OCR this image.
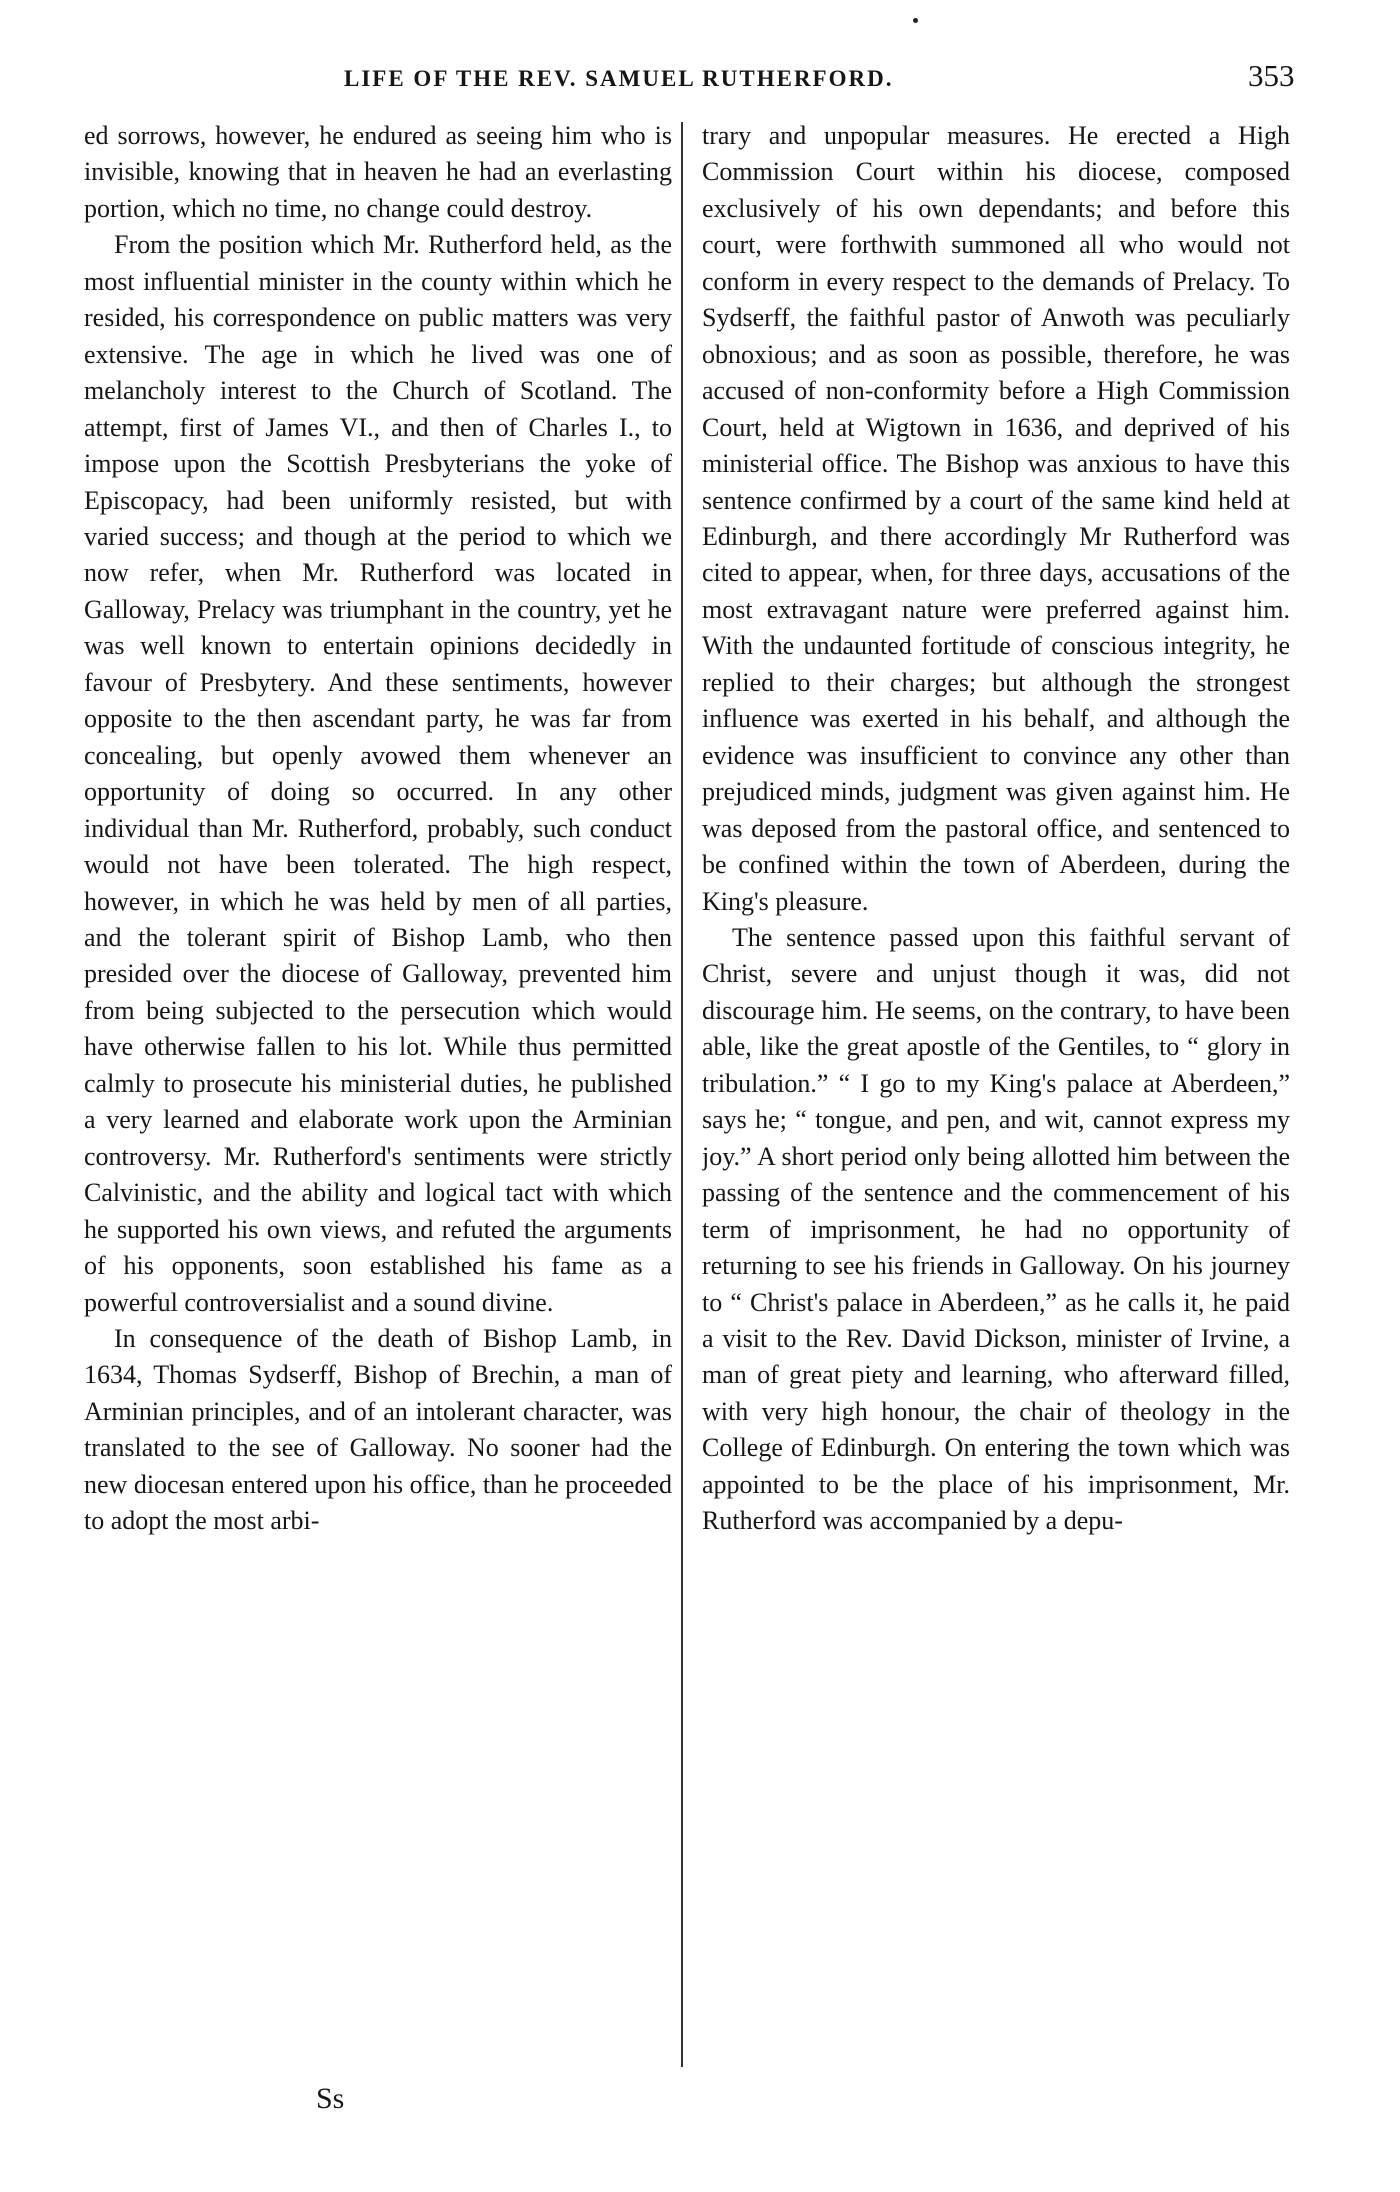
LIFE OF THE REV. SAMUEL RUTHERFORD.	353

ed sorrows, however, he endured as seeing him who is invisible, knowing that in heaven he had an everlasting portion, which no time, no change could destroy.

From the position which Mr. Rutherford held, as the most influential minister in the county within which he resided, his correspondence on public matters was very extensive. The age in which he lived was one of melancholy interest to the Church of Scotland. The attempt, first of James VI., and then of Charles I., to impose upon the Scottish Presbyterians the yoke of Episcopacy, had been uniformly resisted, but with varied success; and though at the period to which we now refer, when Mr. Rutherford was located in Galloway, Prelacy was triumphant in the country, yet he was well known to entertain opinions decidedly in favour of Presbytery. And these sentiments, however opposite to the then ascendant party, he was far from concealing, but openly avowed them whenever an opportunity of doing so occurred. In any other individual than Mr. Rutherford, probably, such conduct would not have been tolerated. The high respect, however, in which he was held by men of all parties, and the tolerant spirit of Bishop Lamb, who then presided over the diocese of Galloway, prevented him from being subjected to the persecution which would have otherwise fallen to his lot. While thus permitted calmly to prosecute his ministerial duties, he published a very learned and elaborate work upon the Arminian controversy. Mr. Rutherford's sentiments were strictly Calvinistic, and the ability and logical tact with which he supported his own views, and refuted the arguments of his opponents, soon established his fame as a powerful controversialist and a sound divine.

In consequence of the death of Bishop Lamb, in 1634, Thomas Sydserff, Bishop of Brechin, a man of Arminian principles, and of an intolerant character, was translated to the see of Galloway. No sooner had the new diocesan entered upon his office, than he proceeded to adopt the most arbi-

trary and unpopular measures. He erected a High Commission Court within his diocese, composed exclusively of his own dependants; and before this court, were forthwith summoned all who would not conform in every respect to the demands of Prelacy. To Sydserff, the faithful pastor of Anwoth was peculiarly obnoxious; and as soon as possible, therefore, he was accused of non-conformity before a High Commission Court, held at Wigtown in 1636, and deprived of his ministerial office. The Bishop was anxious to have this sentence confirmed by a court of the same kind held at Edinburgh, and there accordingly Mr Rutherford was cited to appear, when, for three days, accusations of the most extravagant nature were preferred against him. With the undaunted fortitude of conscious integrity, he replied to their charges; but although the strongest influence was exerted in his behalf, and although the evidence was insufficient to convince any other than prejudiced minds, judgment was given against him. He was deposed from the pastoral office, and sentenced to be confined within the town of Aberdeen, during the King's pleasure.

The sentence passed upon this faithful servant of Christ, severe and unjust though it was, did not discourage him. He seems, on the contrary, to have been able, like the great apostle of the Gentiles, to “ glory in tribulation.” “ I go to my King's palace at Aberdeen,” says he; “ tongue, and pen, and wit, cannot express my joy.” A short period only being allotted him between the passing of the sentence and the commencement of his term of imprisonment, he had no opportunity of returning to see his friends in Galloway. On his journey to “ Christ's palace in Aberdeen,” as he calls it, he paid a visit to the Rev. David Dickson, minister of Irvine, a man of great piety and learning, who afterward filled, with very high honour, the chair of theology in the College of Edinburgh. On entering the town which was appointed to be the place of his imprisonment, Mr. Rutherford was accompanied by a depu-

Ss
